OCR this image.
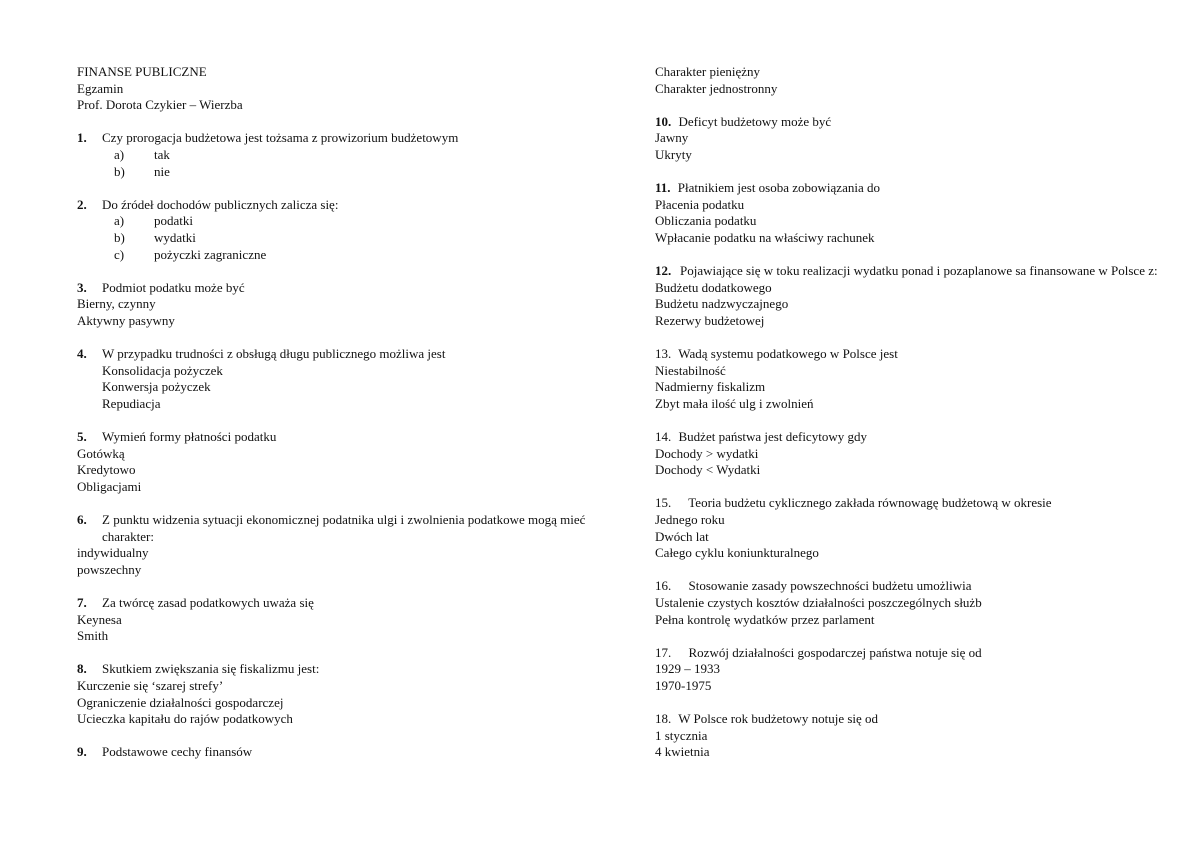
FINANSE PUBLICZNE
Egzamin
Prof. Dorota Czykier – Wierzba
1. Czy prorogacja budżetowa jest tożsama z prowizorium budżetowym
a) tak
b) nie
2. Do źródeł dochodów publicznych zalicza się:
a) podatki
b) wydatki
c) pożyczki zagraniczne
3. Podmiot podatku może być
Bierny, czynny
Aktywny pasywny
4. W przypadku trudności z obsługą długu publicznego możliwa jest
Konsolidacja pożyczek
Konwersja pożyczek
Repudiacja
5. Wymień formy płatności podatku
Gotówką
Kredytowo
Obligacjami
6. Z punktu widzenia sytuacji ekonomicznej podatnika ulgi i zwolnienia podatkowe mogą mieć charakter:
indywidualny
powszechny
7. Za twórcę zasad podatkowych uważa się
Keynesa
Smith
8. Skutkiem zwiększania się fiskalizmu jest:
Kurczenie się ‘szarej strefy’
Ograniczenie działalności gospodarczej
Ucieczka kapitału do rajów podatkowych
9. Podstawowe cechy finansów
Charakter pieniężny
Charakter jednostronny
10. Deficyt budżetowy może być
Jawny
Ukryty
11. Płatnikiem jest osoba zobowiązania do
Płacenia podatku
Obliczania podatku
Wpłacanie podatku na właściwy rachunek
12. Pojawiające się w toku realizacji wydatku ponad i pozaplanowe sa finansowane w Polsce z:
Budżetu dodatkowego
Budżetu nadzwyczajnego
Rezerwy budżetowej
13. Wadą systemu podatkowego w Polsce jest
Niestabilność
Nadmierny fiskalizm
Zbyt mała ilość ulg i zwolnień
14. Budżet państwa jest deficytowy gdy
Dochody > wydatki
Dochody < Wydatki
15. Teoria budżetu cyklicznego zakłada równowagę budżetową w okresie
Jednego roku
Dwóch lat
Całego cyklu koniunkturalnego
16. Stosowanie zasady powszechności budżetu umożliwia
Ustalenie czystych kosztów działalności poszczególnych służb
Pełna kontrolę wydatków przez parlament
17. Rozwój działalności gospodarczej państwa notuje się od
1929 – 1933
1970-1975
18. W Polsce rok budżetowy notuje się od
1 stycznia
4 kwietnia
